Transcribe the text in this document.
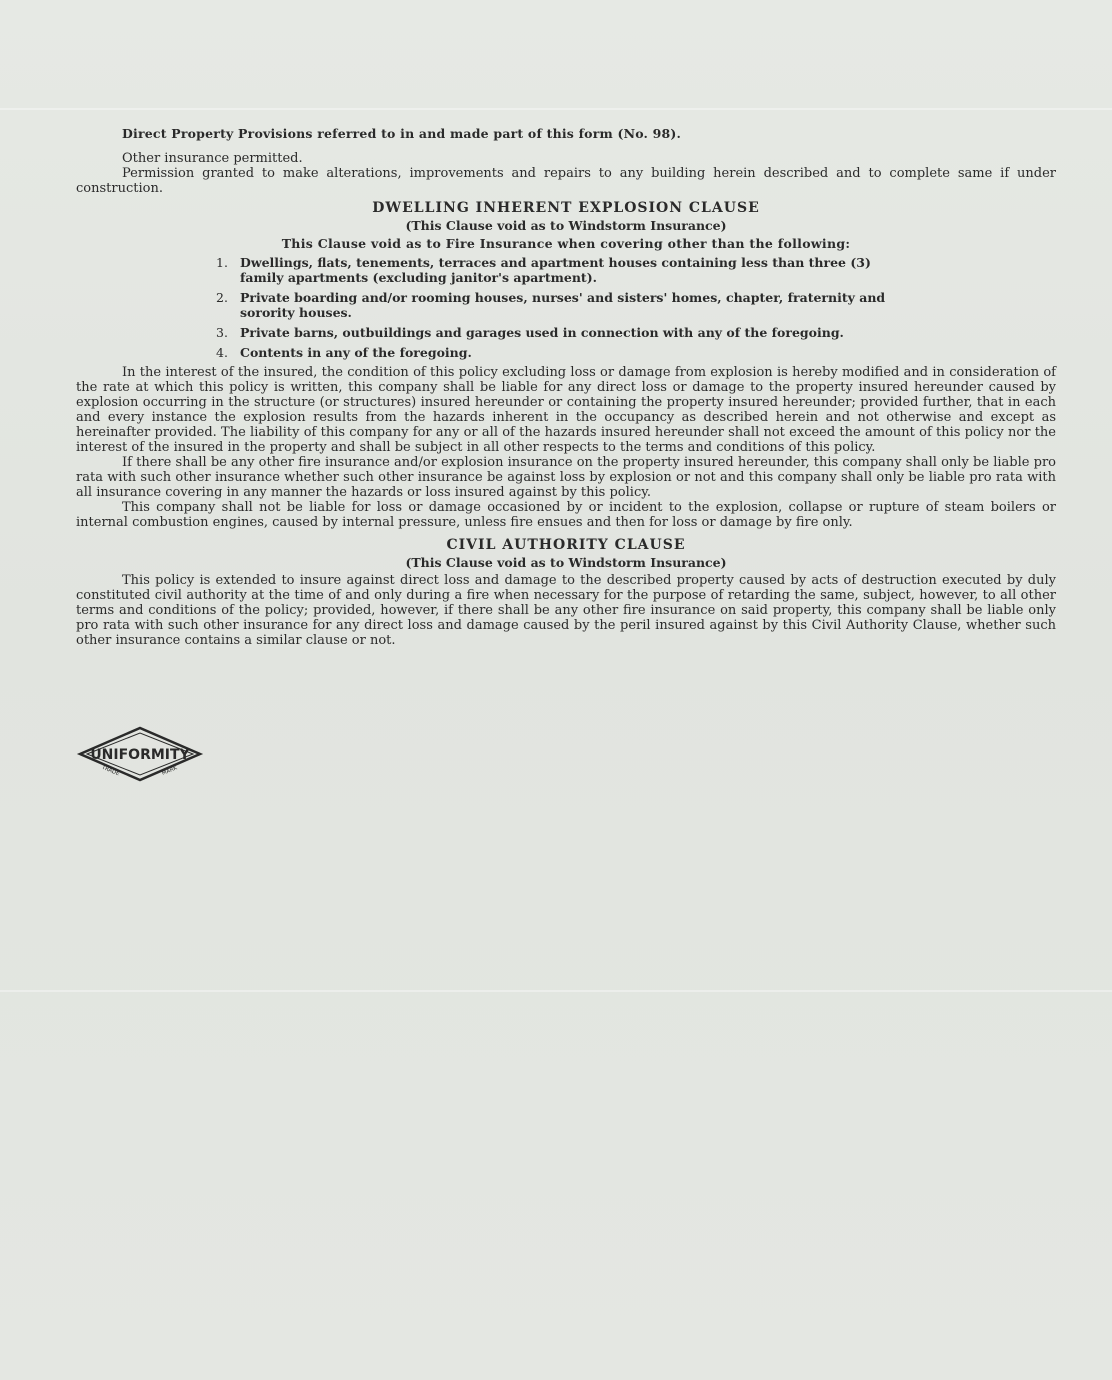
Direct Property Provisions referred to in and made part of this form (No. 98).

Other insurance permitted.

Permission granted to make alterations, improvements and repairs to any building herein described and to complete same if under construction.

DWELLING INHERENT EXPLOSION CLAUSE
(This Clause void as to Windstorm Insurance)
This Clause void as to Fire Insurance when covering other than the following:
1. Dwellings, flats, tenements, terraces and apartment houses containing less than three (3) family apartments (excluding janitor's apartment).
2. Private boarding and/or rooming houses, nurses' and sisters' homes, chapter, fraternity and sorority houses.
3. Private barns, outbuildings and garages used in connection with any of the foregoing.
4. Contents in any of the foregoing.

In the interest of the insured, the condition of this policy excluding loss or damage from explosion is hereby modified and in consideration of the rate at which this policy is written, this company shall be liable for any direct loss or damage to the property insured hereunder caused by explosion occurring in the structure (or structures) insured hereunder or containing the property insured hereunder; provided further, that in each and every instance the explosion results from the hazards inherent in the occupancy as described herein and not otherwise and except as hereinafter provided. The liability of this company for any or all of the hazards insured hereunder shall not exceed the amount of this policy nor the interest of the insured in the property and shall be subject in all other respects to the terms and conditions of this policy.

If there shall be any other fire insurance and/or explosion insurance on the property insured hereunder, this company shall only be liable pro rata with such other insurance whether such other insurance be against loss by explosion or not and this company shall only be liable pro rata with all insurance covering in any manner the hazards or loss insured against by this policy.

This company shall not be liable for loss or damage occasioned by or incident to the explosion, collapse or rupture of steam boilers or internal combustion engines, caused by internal pressure, unless fire ensues and then for loss or damage by fire only.

CIVIL AUTHORITY CLAUSE
(This Clause void as to Windstorm Insurance)

This policy is extended to insure against direct loss and damage to the described property caused by acts of destruction executed by duly constituted civil authority at the time of and only during a fire when necessary for the purpose of retarding the same, subject, however, to all other terms and conditions of the policy; provided, however, if there shall be any other fire insurance on said property, this company shall be liable only pro rata with such other insurance for any direct loss and damage caused by the peril insured against by this Civil Authority Clause, whether such other insurance contains a similar clause or not.

UNIFORMITY
TRADE	MARK
